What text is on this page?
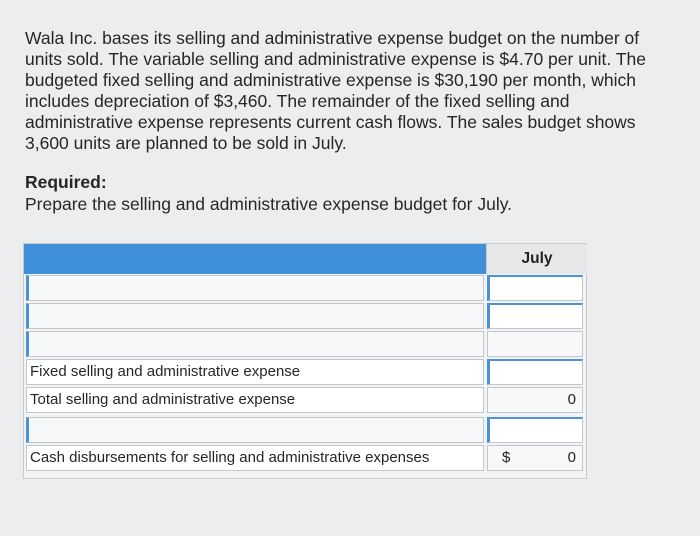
Wala Inc. bases its selling and administrative expense budget on the number of units sold. The variable selling and administrative expense is $4.70 per unit. The budgeted fixed selling and administrative expense is $30,190 per month, which includes depreciation of $3,460. The remainder of the fixed selling and administrative expense represents current cash flows. The sales budget shows 3,600 units are planned to be sold in July.
Required:
Prepare the selling and administrative expense budget for July.
July
Fixed selling and administrative expense
Total selling and administrative expense	0
Cash disbursements for selling and administrative expenses	$	0
